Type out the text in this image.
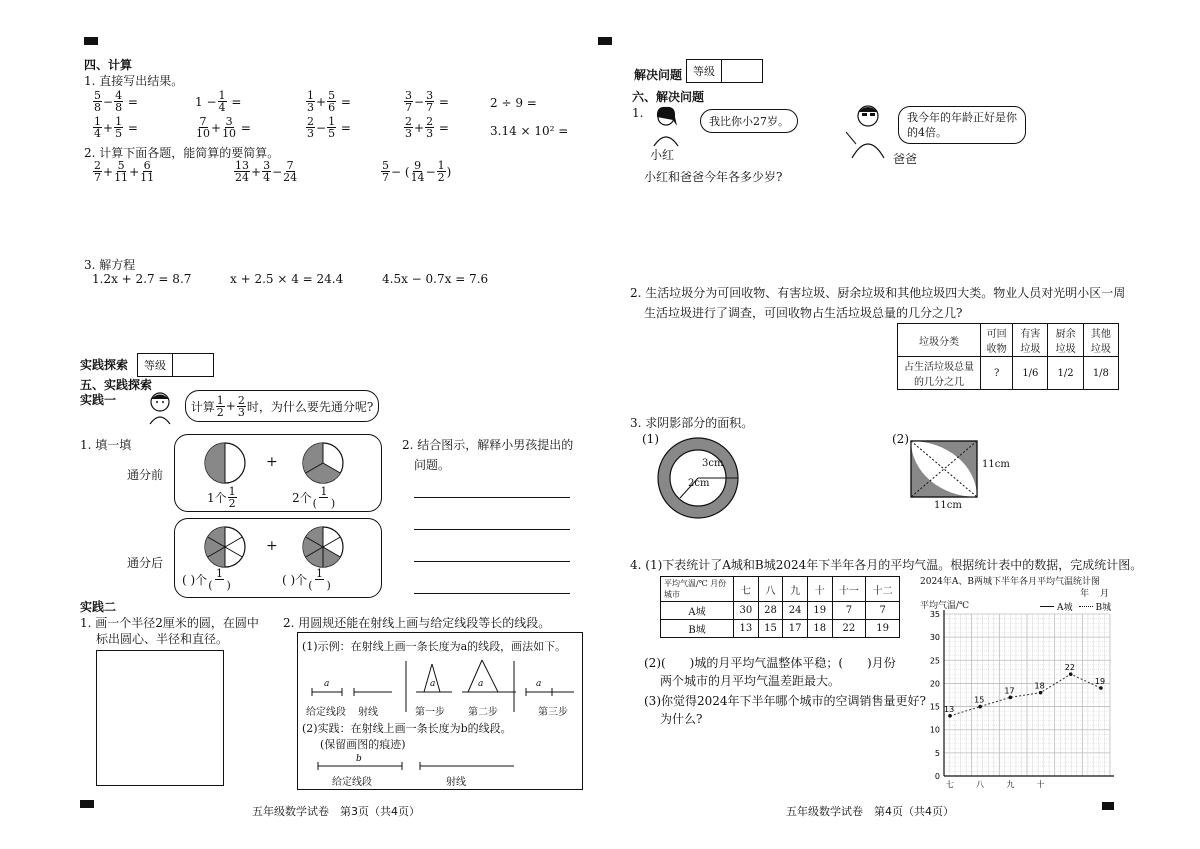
四、计算
1. 直接写出结果。
$\frac{5}{8} - \frac{4}{8}$ =	$1 - \frac{1}{4}$ =	$\frac{1}{3} + \frac{5}{6}$ =	$\frac{3}{7} - \frac{3}{7}$ =	2 ÷ 9 =
$\frac{1}{4} + \frac{1}{5}$ =	$\frac{7}{10} + \frac{3}{10}$ =	$\frac{2}{3} - \frac{1}{5}$ =	$\frac{2}{3} + \frac{2}{3}$ =	3.14 × 10² =
2. 计算下面各题，能简算的要简算。
$\frac{2}{7} + \frac{5}{11} + \frac{6}{11}$	$\frac{13}{24} + \frac{3}{4} - \frac{7}{24}$	$\frac{5}{7}$ − ( $\frac{9}{14} - \frac{1}{2}$ )
3. 解方程
1.2x + 2.7 = 8.7	x + 2.5 × 4 = 24.4	4.5x − 0.7x = 7.6
实践探索	等级
五、实践探索
实践一	计算 $\frac{1}{2} + \frac{2}{3}$ 时，为什么要先通分呢?
1. 填一填
通分前
+
1个 $\frac{1}{2}$	2个 $\frac{1}{( )}$
通分后
+
( )个 $\frac{1}{( )}$	( )个 $\frac{1}{( )}$
2. 结合图示，解释小男孩提出的
问题。
实践二
1. 画一个半径2厘米的圆，在圆中
标出圆心、半径和直径。
2. 用圆规还能在射线上画与给定线段等长的线段。
(1)示例：在射线上画一条长度为a的线段，画法如下。
a	a	a	a
给定线段 射线	第一步 第二步	第三步
(2)实践：在射线上画一条长度为b的线段。
(保留画图的痕迹)
b
给定线段	射线
五年级数学试卷　第3页（共4页）
解决问题 等级
六、解决问题
1.
我比你小27岁。
小红
我今年的年龄正好是你的4倍。
爸爸
小红和爸爸今年各多少岁?
2. 生活垃圾分为可回收物、有害垃圾、厨余垃圾和其他垃圾四大类。物业人员对光明小区一周
生活垃圾进行了调查，可回收物占生活垃圾总量的几分之几?
垃圾分类	可回收物	有害垃圾	厨余垃圾	其他垃圾
占生活垃圾总量的几分之几	?	1/6	1/2	1/8
3. 求阴影部分的面积。
(1)	(2)
3cm
2cm
11cm
11cm
4. (1)下表统计了A城和B城2024年下半年各月的平均气温。根据统计表中的数据，完成统计图。
平均气温/℃ 月份
城市	七	八	九	十	十一	十二
A城	30	28	24	19	7	7
B城	13	15	17	18	22	19
(2)(　　)城的月平均气温整体平稳；(　　)月份
两个城市的月平均气温差距最大。
(3)你觉得2024年下半年哪个城市的空调销售量更好?
为什么?
2024年A、B两城下半年各月平均气温统计图
年 月
平均气温/℃	A城	B城
0
5
10
15
20
25
30
35
七	八	九	十
13
15
17
18
22
19
五年级数学试卷　第4页（共4页）
